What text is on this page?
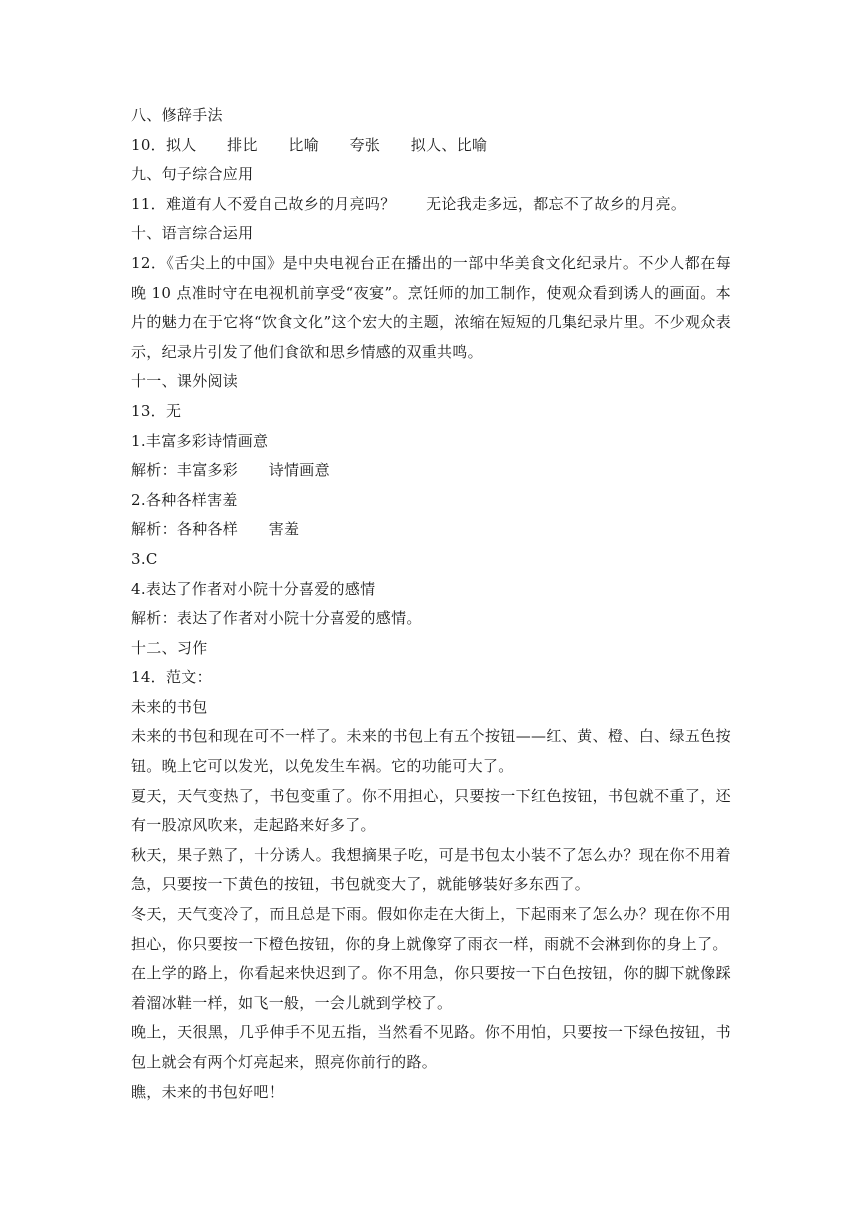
八、修辞手法
10．拟人　　排比　　比喻　　夸张　　拟人、比喻
九、句子综合应用
11．难道有人不爱自己故乡的月亮吗？　　无论我走多远，都忘不了故乡的月亮。
十、语言综合运用
12．《舌尖上的中国》是中央电视台正在播出的一部中华美食文化纪录片。不少人都在每晚 10 点准时守在电视机前享受“夜宴”。烹饪师的加工制作，使观众看到诱人的画面。本片的魅力在于它将“饮食文化”这个宏大的主题，浓缩在短短的几集纪录片里。不少观众表示，纪录片引发了他们食欲和思乡情感的双重共鸣。
十一、课外阅读
13．无
1.丰富多彩诗情画意
解析：丰富多彩　　诗情画意
2.各种各样害羞
解析：各种各样　　害羞
3.C
4.表达了作者对小院十分喜爱的感情
解析：表达了作者对小院十分喜爱的感情。
十二、习作
14．范文：
未来的书包
未来的书包和现在可不一样了。未来的书包上有五个按钮——红、黄、橙、白、绿五色按钮。晚上它可以发光，以免发生车祸。它的功能可大了。
夏天，天气变热了，书包变重了。你不用担心，只要按一下红色按钮，书包就不重了，还有一股凉风吹来，走起路来好多了。
秋天，果子熟了，十分诱人。我想摘果子吃，可是书包太小装不了怎么办？现在你不用着急，只要按一下黄色的按钮，书包就变大了，就能够装好多东西了。
冬天，天气变冷了，而且总是下雨。假如你走在大街上，下起雨来了怎么办？现在你不用担心，你只要按一下橙色按钮，你的身上就像穿了雨衣一样，雨就不会淋到你的身上了。
在上学的路上，你看起来快迟到了。你不用急，你只要按一下白色按钮，你的脚下就像踩着溜冰鞋一样，如飞一般，一会儿就到学校了。
晚上，天很黑，几乎伸手不见五指，当然看不见路。你不用怕，只要按一下绿色按钮，书包上就会有两个灯亮起来，照亮你前行的路。
瞧，未来的书包好吧！
